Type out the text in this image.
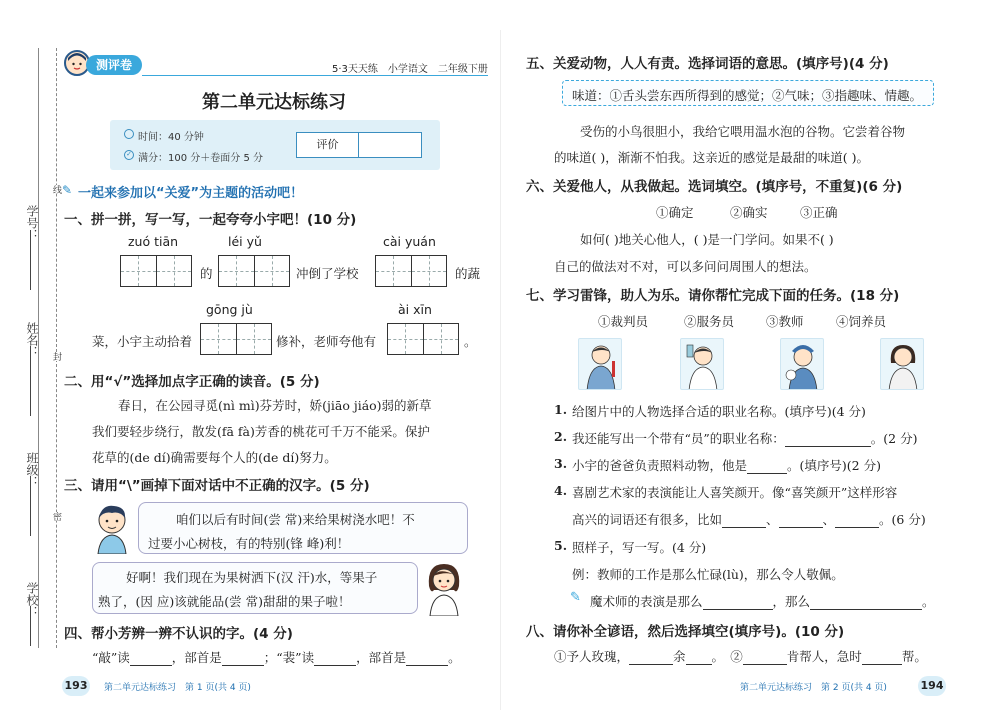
学号：
线
姓名： 封
班级：
密
学校：
测评卷	5·3天天练　小学语文　二年级下册
第二单元达标练习
时间：40 分钟
✓ 满分：100 分＋卷面分 5 分
评价
✎ 一起来参加以“关爱”为主题的活动吧！
一、拼一拼，写一写，一起夸夸小宇吧！(10 分)
zuó tiān	léi yǔ	cài yuán
的	冲倒了学校	的蔬
gōng jù	ài xīn
菜，小宇主动拾着	修补，老师夸他有	。
二、用“√”选择加点字正确的读音。(5 分)
春日，在公园寻觅(nì mì)芬芳时，娇(jiāo jiáo)弱的新草
我们要轻步绕行，散发(fā fà)芳香的桃花可千万不能采。保护
花草的(de dí)确需要每个人的(de dí)努力。
三、请用“\”画掉下面对话中不正确的汉字。(5 分)
咱们以后有时间(尝 常)来给果树浇水吧！不
过要小心树枝，有的特别(锋 峰)利！
好啊！我们现在为果树洒下(汉 汗)水，等果子
熟了，(因 应)该就能品(尝 常)甜甜的果子啦！
四、帮小芳辨一辨不认识的字。(4 分)
“敲”读	，部首是	；“裴”读	，部首是	。
193 第二单元达标练习　第 1 页(共 4 页)
五、关爱动物，人人有责。选择词语的意思。(填序号)(4 分)
味道：①舌头尝东西所得到的感觉；②气味；③指趣味、情趣。
受伤的小鸟很胆小，我给它喂用温水泡的谷物。它尝着谷物
的味道( )，渐渐不怕我。这亲近的感觉是最甜的味道( )。
六、关爱他人，从我做起。选词填空。(填序号，不重复)(6 分)
①确定	②确实	③正确
如何( )地关心他人，( )是一门学问。如果不( )
自己的做法对不对，可以多问问周围人的想法。
七、学习雷锋，助人为乐。请你帮忙完成下面的任务。(18 分)
①裁判员	②服务员	③教师	④饲养员
1. 给图片中的人物选择合适的职业名称。(填序号)(4 分)
2. 我还能写出一个带有“员”的职业名称：	。(2 分)
3. 小宇的爸爸负责照料动物，他是	。(填序号)(2 分)
4. 喜剧艺术家的表演能让人喜笑颜开。像“喜笑颜开”这样形容
高兴的词语还有很多，比如	、	、	。(6 分)
5. 照样子，写一写。(4 分)
例：教师的工作是那么忙碌(lù)，那么令人敬佩。
✎ 魔术师的表演是那么	，那么	。
八、请你补全谚语，然后选择填空(填序号)。(10 分)
①予人玫瑰，	余 。　②	肯帮人，急时	帮。
第二单元达标练习　第 2 页(共 4 页)	194
